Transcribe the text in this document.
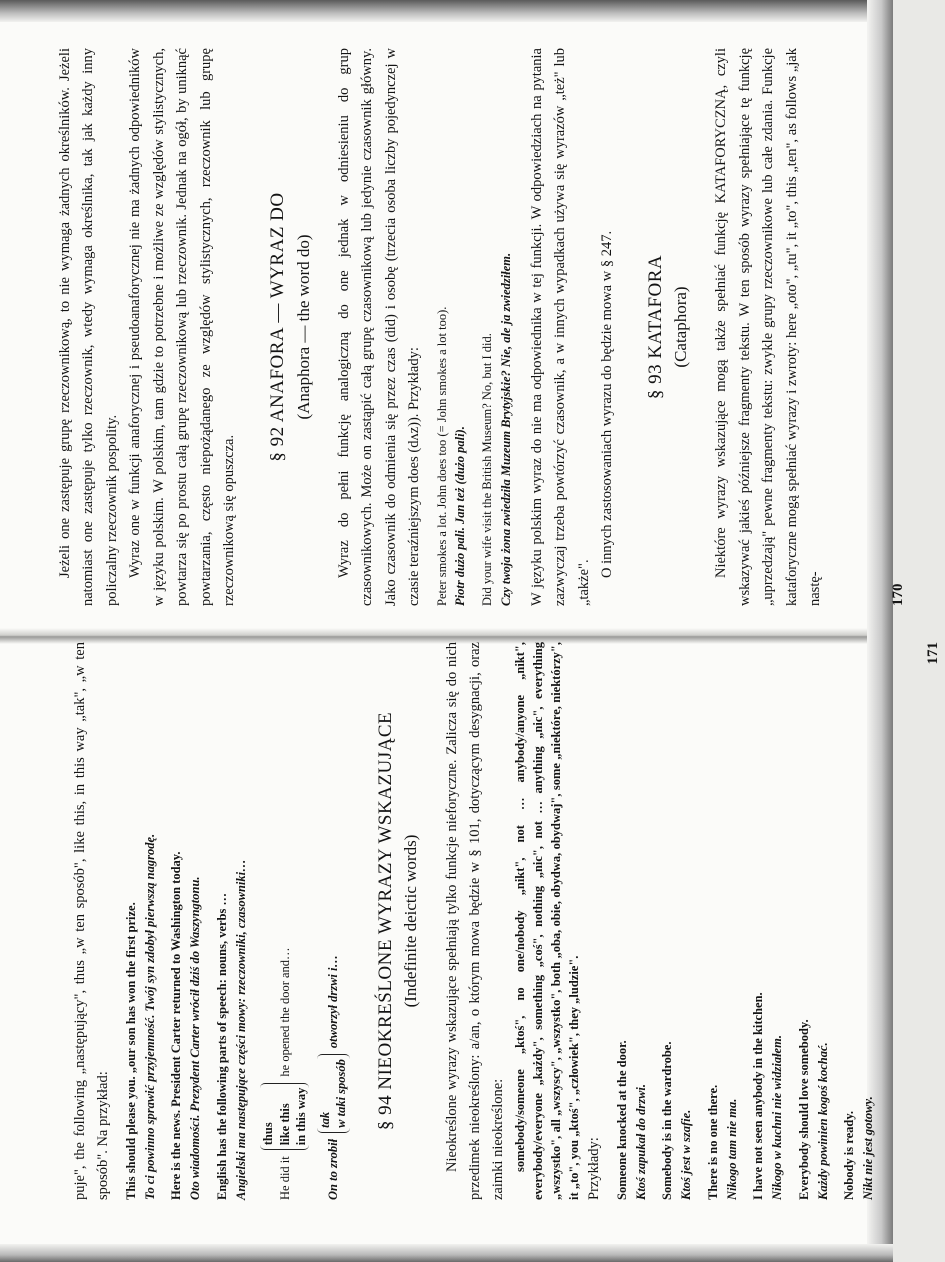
Jeżeli one zastępuje grupę rzeczownikową, to nie wymaga żadnych określników. Jeżeli natomiast one zastępuje tylko rzeczownik, wtedy wymaga określnika, tak jak każdy inny policzalny rzeczownik pospolity. Wyraz one w funkcji anaforycznej i pseudoanaforycznej nie ma żadnych odpowiedników w języku polskim. W polskim, tam gdzie to potrzebne i możliwe ze względów stylistycznych, powtarza się po prostu całą grupę rzeczownikową lub rzeczownik. Jednak na ogół, by uniknąć powtarzania, często niepożądanego ze względów stylistycznych, rzeczownik lub grupę rzeczownikową się opuszcza.

§ 92 ANAFORA — WYRAZ DO (Anaphora — the word do) Wyraz do pełni funkcję analogiczną do one jednak w odniesieniu do grup czasownikowych. Może on zastąpić całą grupę czasownikową lub jedynie czasownik główny. Jako czasownik do odmienia się przez czas (did) i osobę (trzecia osoba liczby pojedynczej w czasie teraźniejszym does (dʌz)). Przykłady: Peter smokes a lot. John does too (= John smokes a lot too). Piotr dużo pali. Jan też (dużo pali). Did your wife visit the British Museum? No, but I did. Czy twoja żona zwiedziła Muzeum Brytyjskie? Nie, ale ja zwiedziłem. W języku polskim wyraz do nie ma odpowiednika w tej funkcji. W odpowiedziach na pytania zazwyczaj trzeba powtórzyć czasownik, a w innych wypadkach używa się wyrazów „też" lub „także".

O innych zastosowaniach wyrazu do będzie mowa w § 247. § 93 KATAFORA (Cataphora) Niektóre wyrazy wskazujące mogą także spełniać funkcję KATAFORYCZNĄ, czyli wskazywać jakieś późniejsze fragmenty tekstu. W ten sposób wyrazy spełniające tę funkcję „uprzedzają" pewne fragmenty tekstu: zwykle grupy rzeczownikowe lub całe zdania. Funkcje kataforyczne mogą spełniać wyrazy i zwroty: here „oto", „tu", it „to", this „ten", as follows „jak nastę-	170

puje", the following „następujący", thus „w ten sposób", like this, in this way „tak", „w ten sposób". Na przykład: This should please you. „our son has won the first prize. To ci powinno sprawić przyjemność. Twój syn zdobył pierwszą nagrodę. Here is the news. President Carter returned to Washington today. Oto wiadomości. Prezydent Carter wrócił dziś do Waszyngtonu. English has the following parts of speech: nouns, verbs … Angielski ma następujące części mowy: rzeczowniki, czasowniki… He did it
thus like this in this way
he opened the door and…
On to zrobił
tak w taki sposób
otworzył drzwi i… § 94 NIEOKREŚLONE WYRAZY WSKAZUJĄCE (Indefinite deictic words) Nieokreślone wyrazy wskazujące spełniają tylko funkcje nieforyczne. Zalicza się do nich przedimek nieokreślony: a/an, o którym mowa będzie w § 101, dotyczącym desygnacji, oraz zaimki nieokreślone: somebody/someone „ktoś", no one/nobody „nikt", not … anybody/anyone „nikt", everybody/everyone „każdy", something „coś", nothing „nic", not … anything „nic", everything „wszystko", all „wszyscy", „wszystko", both „oba, obie, obydwa, obydwaj", some „niektóre, niektórzy", it „to", you „ktoś", „człowiek", they „ludzie". Przykłady: Someone knocked at the door. Ktoś zapukał do drzwi. Somebody is in the wardrobe. Ktoś jest w szafie. There is no one there. Nikogo tam nie ma. I have not seen anybody in the kitchen. Nikogo w kuchni nie widziałem. Everybody should love somebody. Każdy powinien kogoś kochać. Nobody is ready. Nikt nie jest gotowy.

171
